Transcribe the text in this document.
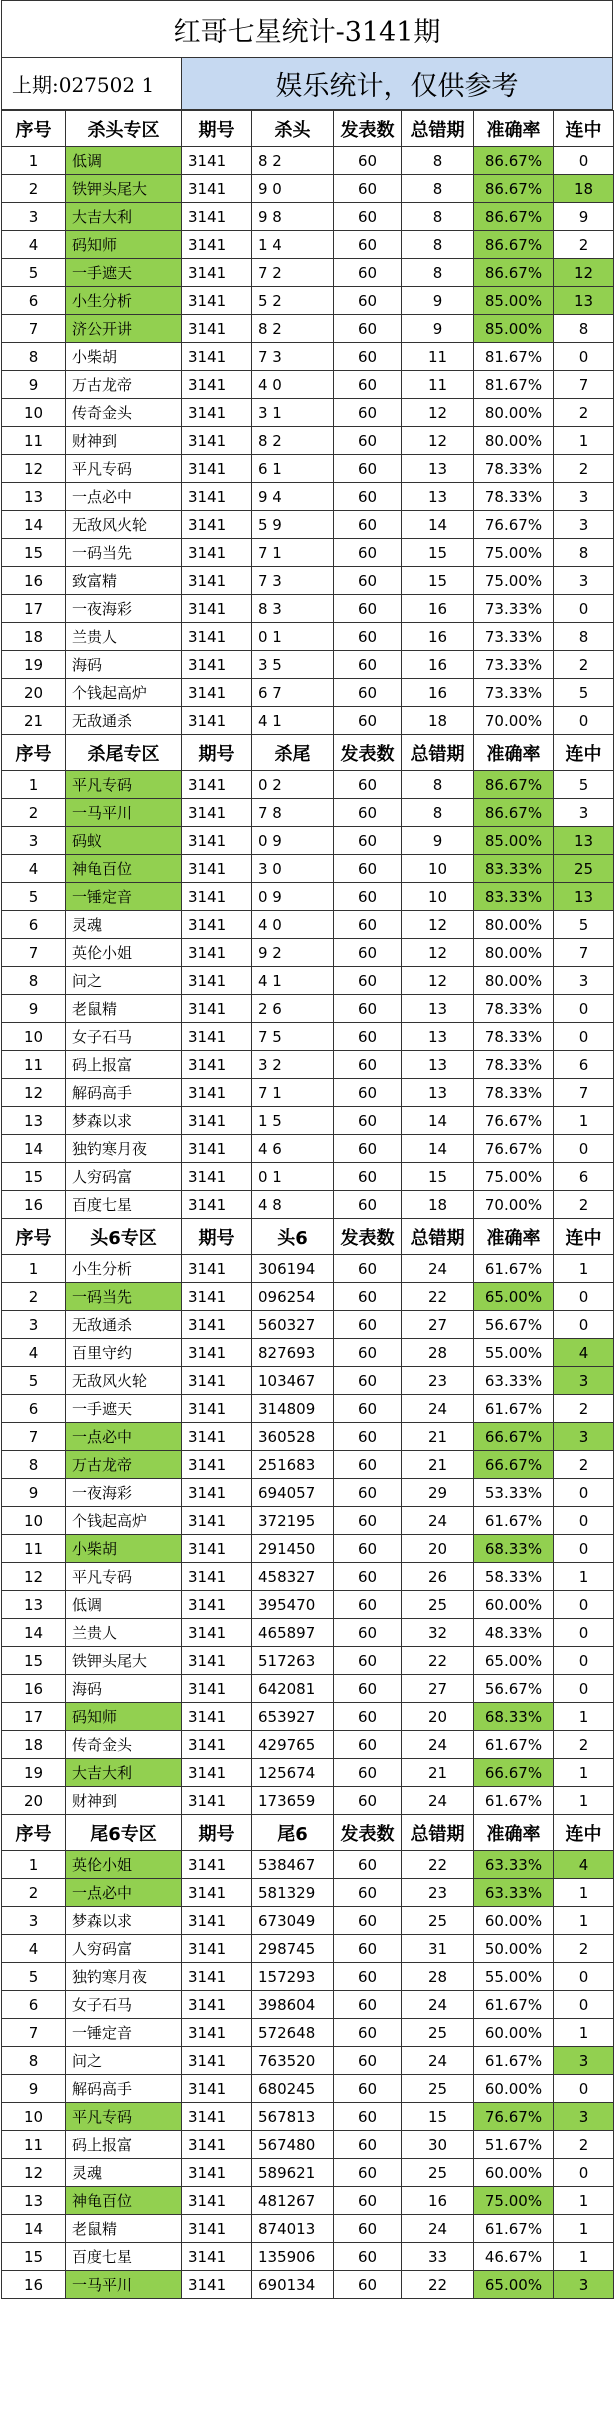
红哥七星统计-3141期
上期:027502 1	娱乐统计，仅供参考
序号	杀头专区	期号	杀头	发表数	总错期	准确率	连中
1	低调	3141	8 2	60	8	86.67%	0
2	铁钾头尾大	3141	9 0	60	8	86.67%	18
3	大吉大利	3141	9 8	60	8	86.67%	9
4	码知师	3141	1 4	60	8	86.67%	2
5	一手遮天	3141	7 2	60	8	86.67%	12
6	小生分析	3141	5 2	60	9	85.00%	13
7	济公开讲	3141	8 2	60	9	85.00%	8
8	小柴胡	3141	7 3	60	11	81.67%	0
9	万古龙帝	3141	4 0	60	11	81.67%	7
10	传奇金头	3141	3 1	60	12	80.00%	2
11	财神到	3141	8 2	60	12	80.00%	1
12	平凡专码	3141	6 1	60	13	78.33%	2
13	一点必中	3141	9 4	60	13	78.33%	3
14	无敌风火轮	3141	5 9	60	14	76.67%	3
15	一码当先	3141	7 1	60	15	75.00%	8
16	致富精	3141	7 3	60	15	75.00%	3
17	一夜海彩	3141	8 3	60	16	73.33%	0
18	兰贵人	3141	0 1	60	16	73.33%	8
19	海码	3141	3 5	60	16	73.33%	2
20	个钱起高炉	3141	6 7	60	16	73.33%	5
21	无敌通杀	3141	4 1	60	18	70.00%	0
序号	杀尾专区	期号	杀尾	发表数	总错期	准确率	连中
1	平凡专码	3141	0 2	60	8	86.67%	5
2	一马平川	3141	7 8	60	8	86.67%	3
3	码蚁	3141	0 9	60	9	85.00%	13
4	神龟百位	3141	3 0	60	10	83.33%	25
5	一锤定音	3141	0 9	60	10	83.33%	13
6	灵魂	3141	4 0	60	12	80.00%	5
7	英伦小姐	3141	9 2	60	12	80.00%	7
8	问之	3141	4 1	60	12	80.00%	3
9	老鼠精	3141	2 6	60	13	78.33%	0
10	女子石马	3141	7 5	60	13	78.33%	0
11	码上报富	3141	3 2	60	13	78.33%	6
12	解码高手	3141	7 1	60	13	78.33%	7
13	梦森以求	3141	1 5	60	14	76.67%	1
14	独钓寒月夜	3141	4 6	60	14	76.67%	0
15	人穷码富	3141	0 1	60	15	75.00%	6
16	百度七星	3141	4 8	60	18	70.00%	2
序号	头6专区	期号	头6	发表数	总错期	准确率	连中
1	小生分析	3141	306194	60	24	61.67%	1
2	一码当先	3141	096254	60	22	65.00%	0
3	无敌通杀	3141	560327	60	27	56.67%	0
4	百里守约	3141	827693	60	28	55.00%	4
5	无敌风火轮	3141	103467	60	23	63.33%	3
6	一手遮天	3141	314809	60	24	61.67%	2
7	一点必中	3141	360528	60	21	66.67%	3
8	万古龙帝	3141	251683	60	21	66.67%	2
9	一夜海彩	3141	694057	60	29	53.33%	0
10	个钱起高炉	3141	372195	60	24	61.67%	0
11	小柴胡	3141	291450	60	20	68.33%	0
12	平凡专码	3141	458327	60	26	58.33%	1
13	低调	3141	395470	60	25	60.00%	0
14	兰贵人	3141	465897	60	32	48.33%	0
15	铁钾头尾大	3141	517263	60	22	65.00%	0
16	海码	3141	642081	60	27	56.67%	0
17	码知师	3141	653927	60	20	68.33%	1
18	传奇金头	3141	429765	60	24	61.67%	2
19	大吉大利	3141	125674	60	21	66.67%	1
20	财神到	3141	173659	60	24	61.67%	1
序号	尾6专区	期号	尾6	发表数	总错期	准确率	连中
1	英伦小姐	3141	538467	60	22	63.33%	4
2	一点必中	3141	581329	60	23	63.33%	1
3	梦森以求	3141	673049	60	25	60.00%	1
4	人穷码富	3141	298745	60	31	50.00%	2
5	独钓寒月夜	3141	157293	60	28	55.00%	0
6	女子石马	3141	398604	60	24	61.67%	0
7	一锤定音	3141	572648	60	25	60.00%	1
8	问之	3141	763520	60	24	61.67%	3
9	解码高手	3141	680245	60	25	60.00%	0
10	平凡专码	3141	567813	60	15	76.67%	3
11	码上报富	3141	567480	60	30	51.67%	2
12	灵魂	3141	589621	60	25	60.00%	0
13	神龟百位	3141	481267	60	16	75.00%	1
14	老鼠精	3141	874013	60	24	61.67%	1
15	百度七星	3141	135906	60	33	46.67%	1
16	一马平川	3141	690134	60	22	65.00%	3
